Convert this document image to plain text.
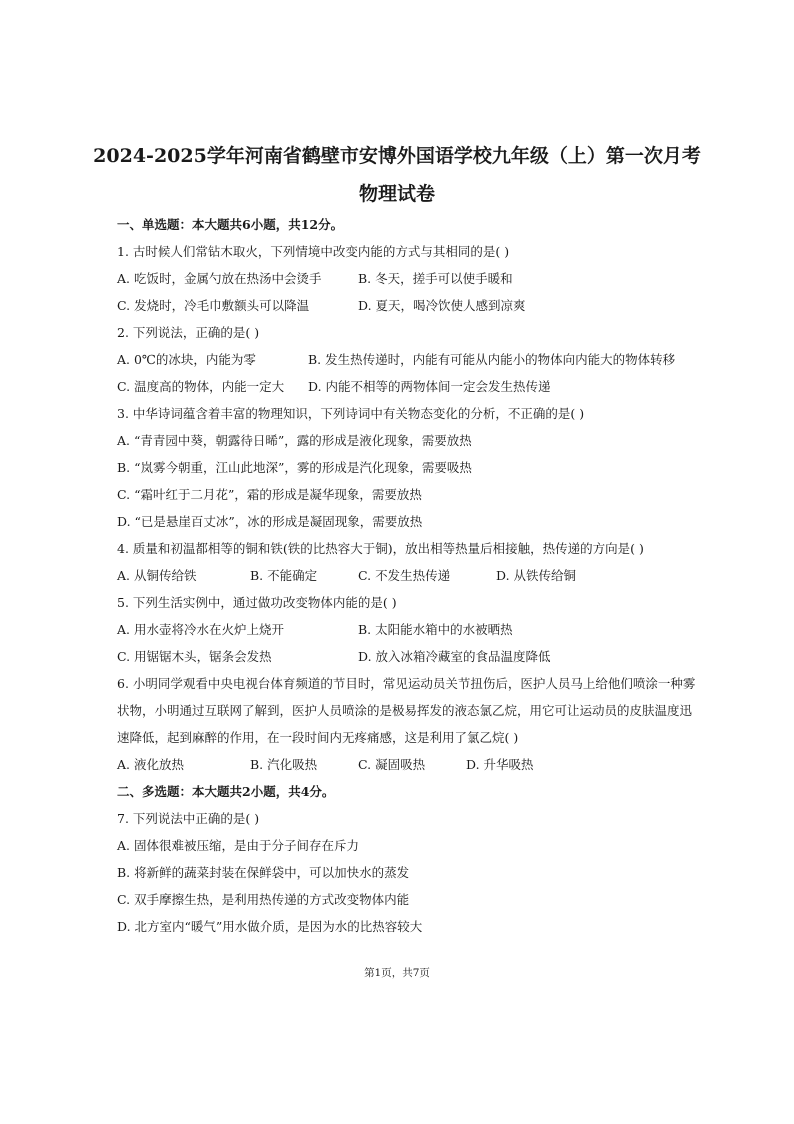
2024-2025学年河南省鹤壁市安博外国语学校九年级（上）第一次月考
物理试卷
一、单选题：本大题共6小题，共12分。
1. 古时候人们常钻木取火，下列情境中改变内能的方式与其相同的是( )
A. 吃饭时，金属勺放在热汤中会烫手	B. 冬天，搓手可以使手暖和
C. 发烧时，冷毛巾敷额头可以降温	D. 夏天，喝冷饮使人感到凉爽
2. 下列说法，正确的是( )
A. 0℃的冰块，内能为零	B. 发生热传递时，内能有可能从内能小的物体向内能大的物体转移
C. 温度高的物体，内能一定大 D. 内能不相等的两物体间一定会发生热传递
3. 中华诗词蕴含着丰富的物理知识，下列诗词中有关物态变化的分析，不正确的是( )
A. “青青园中葵，朝露待日晞”，露的形成是液化现象，需要放热
B. “岚雾今朝重，江山此地深”，雾的形成是汽化现象，需要吸热
C. “霜叶红于二月花”，霜的形成是凝华现象，需要放热
D. “已是悬崖百丈冰”，冰的形成是凝固现象，需要放热
4. 质量和初温都相等的铜和铁(铁的比热容大于铜)，放出相等热量后相接触，热传递的方向是( )
A. 从铜传给铁	B. 不能确定	C. 不发生热传递	D. 从铁传给铜
5. 下列生活实例中，通过做功改变物体内能的是( )
A. 用水壶将冷水在火炉上烧开	B. 太阳能水箱中的水被晒热
C. 用锯锯木头，锯条会发热	D. 放入冰箱冷藏室的食品温度降低
6. 小明同学观看中央电视台体育频道的节目时，常见运动员关节扭伤后，医护人员马上给他们喷涂一种雾
状物，小明通过互联网了解到，医护人员喷涂的是极易挥发的液态氯乙烷，用它可让运动员的皮肤温度迅
速降低，起到麻醉的作用，在一段时间内无疼痛感，这是利用了氯乙烷( )
A. 液化放热	B. 汽化吸热	C. 凝固吸热	D. 升华吸热
二、多选题：本大题共2小题，共4分。
7. 下列说法中正确的是( )
A. 固体很难被压缩，是由于分子间存在斥力
B. 将新鲜的蔬菜封装在保鲜袋中，可以加快水的蒸发
C. 双手摩擦生热，是利用热传递的方式改变物体内能
D. 北方室内“暖气”用水做介质，是因为水的比热容较大
第1页，共7页
